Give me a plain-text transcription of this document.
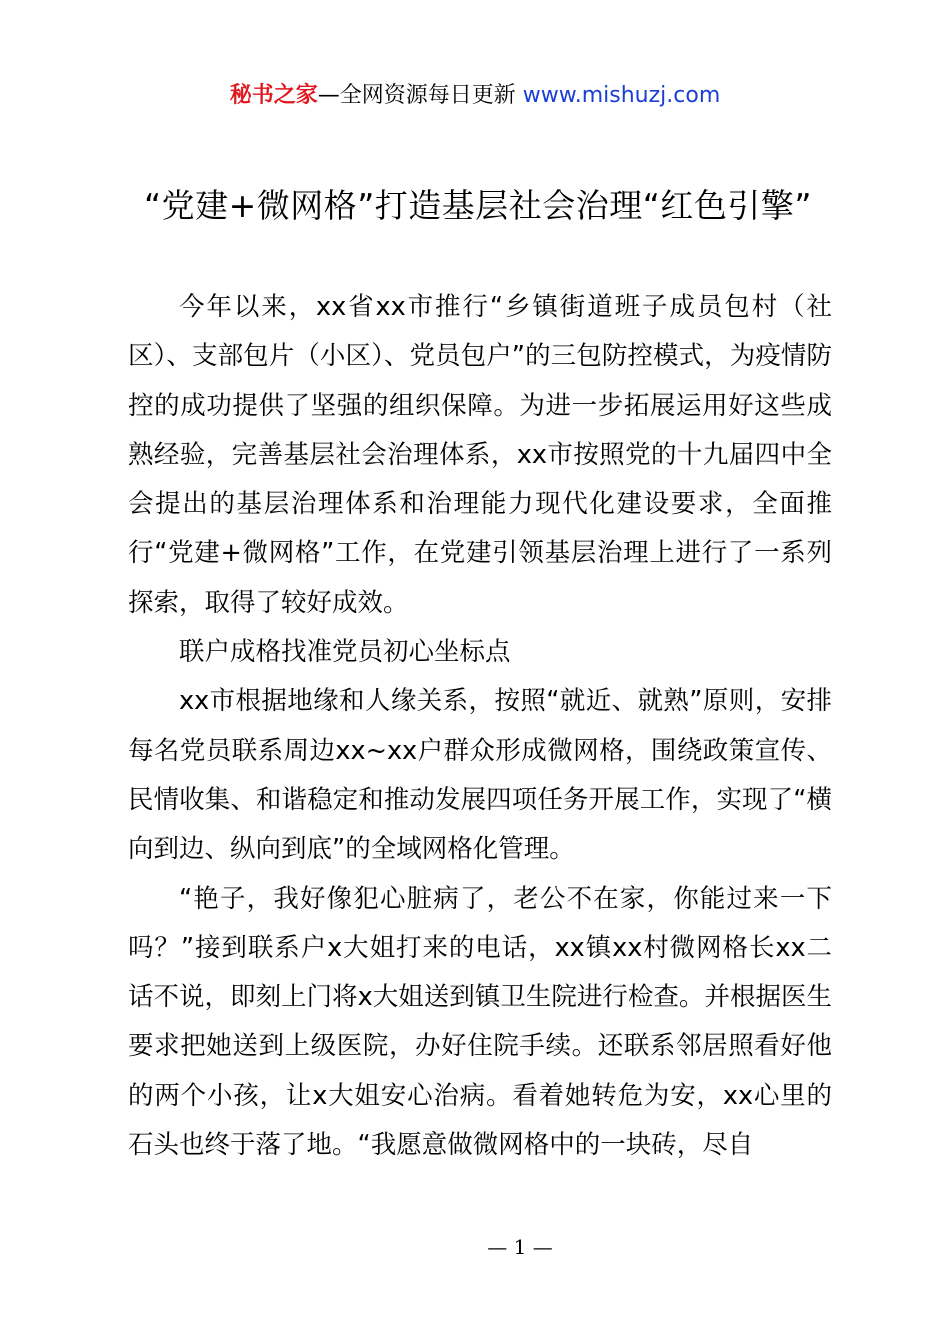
秘书之家—全网资源每日更新 www.mishuzj.com
“党建+微网格”打造基层社会治理“红色引擎”

今年以来，xx省xx市推行“乡镇街道班子成员包村（社区）、支部包片（小区）、党员包户”的三包防控模式，为疫情防控的成功提供了坚强的组织保障。为进一步拓展运用好这些成熟经验，完善基层社会治理体系，xx市按照党的十九届四中全会提出的基层治理体系和治理能力现代化建设要求，全面推行“党建+微网格”工作，在党建引领基层治理上进行了一系列探索，取得了较好成效。

联户成格找准党员初心坐标点

xx市根据地缘和人缘关系，按照“就近、就熟”原则，安排每名党员联系周边xx~xx户群众形成微网格，围绕政策宣传、民情收集、和谐稳定和推动发展四项任务开展工作，实现了“横向到边、纵向到底”的全域网格化管理。

“艳子，我好像犯心脏病了，老公不在家，你能过来一下吗？”接到联系户x大姐打来的电话，xx镇xx村微网格长xx二话不说，即刻上门将x大姐送到镇卫生院进行检查。并根据医生要求把她送到上级医院，办好住院手续。还联系邻居照看好他的两个小孩，让x大姐安心治病。看着她转危为安，xx心里的石头也终于落了地。“我愿意做微网格中的一块砖，尽自

— 1 —
